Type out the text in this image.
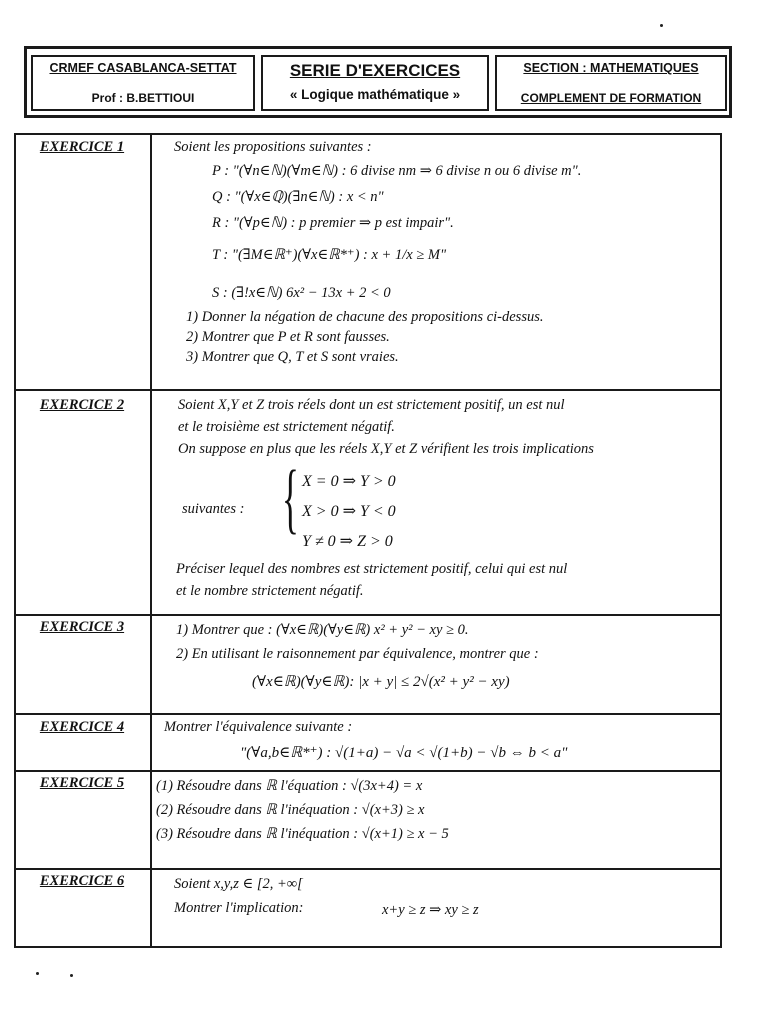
CRMEF CASABLANCA-SETTAT
Prof : B.BETTIOUI
SERIE D'EXERCICES
« Logique mathématique »
SECTION : MATHEMATIQUES
COMPLEMENT DE FORMATION
EXERCICE 1	Soient les propositions suivantes :
P : "(∀n∈ℕ)(∀m∈ℕ) : 6 divise nm ⇒ 6 divise n ou 6 divise m".
Q : "(∀x∈ℚ)(∃n∈ℕ) : x < n"
R : "(∀p∈ℕ) : p premier ⇒ p est impair".
T : "(∃M∈ℝ⁺)(∀x∈ℝ*⁺) : x + 1/x ≥ M"
S : (∃!x∈ℕ) 6x² − 13x + 2 < 0
1) Donner la négation de chacune des propositions ci-dessus.
2) Montrer que P et R sont fausses.
3) Montrer que Q, T et S sont vraies.
EXERCICE 2	Soient X,Y et Z trois réels dont un est strictement positif, un est nul
et le troisième est strictement négatif.
On suppose en plus que les réels X,Y et Z vérifient les trois implications
suivantes : { X = 0 ⇒ Y > 0
X > 0 ⇒ Y < 0
Y ≠ 0 ⇒ Z > 0
Préciser lequel des nombres est strictement positif, celui qui est nul
et le nombre strictement négatif.
EXERCICE 3	1) Montrer que : (∀x∈ℝ)(∀y∈ℝ) x² + y² − xy ≥ 0.
2) En utilisant le raisonnement par équivalence, montrer que :
(∀x∈ℝ)(∀y∈ℝ): |x + y| ≤ 2√(x² + y² − xy)
EXERCICE 4	Montrer l'équivalence suivante :
"(∀a,b∈ℝ*⁺) : √(1+a) − √a < √(1+b) − √b ⇔ b < a"
EXERCICE 5	(1) Résoudre dans ℝ l'équation : √(3x+4) = x
(2) Résoudre dans ℝ l'inéquation : √(x+3) ≥ x
(3) Résoudre dans ℝ l'inéquation : √(x+1) ≥ x − 5
EXERCICE 6	Soient x,y,z ∈ [2, +∞[
Montrer l'implication:	x+y ≥ z ⇒ xy ≥ z
